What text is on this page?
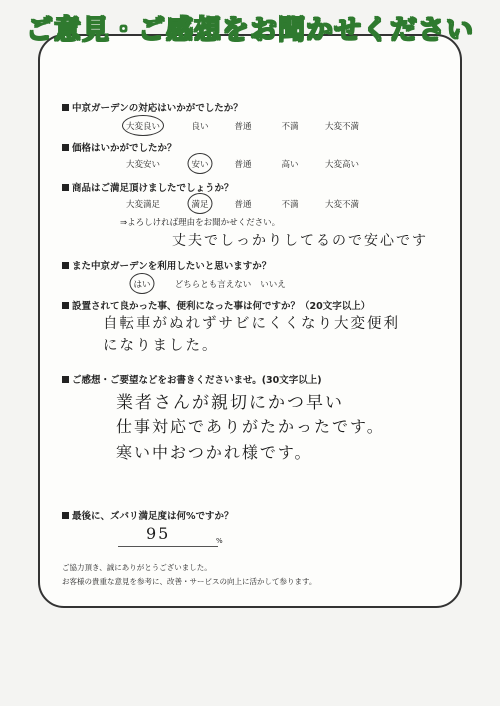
ご意見・ご感想をお聞かせください
中京ガーデンの対応はいかがでしたか？
大変良い	良い	普通	不満	大変不満
価格はいかがでしたか？
大変安い	安い	普通	高い	大変高い
商品はご満足頂けましたでしょうか？
大変満足	満足	普通	不満	大変不満
⇒よろしければ理由をお聞かせください。
丈夫でしっかりしてるので安心です
また中京ガーデンを利用したいと思いますか？
はい	どちらとも言えない いいえ
設置されて良かった事、便利になった事は何ですか？（20文字以上）
自転車がぬれずサビにくくなり大変便利
になりました。
ご感想・ご要望などをお書きくださいませ。(30文字以上)
業者さんが親切にかつ早い
仕事対応でありがたかったです。
寒い中おつかれ様です。
最後に、ズバリ満足度は何%ですか？
95	%
ご協力頂き、誠にありがとうございました。
お客様の貴重な意見を参考に、改善・サービスの向上に活かして参ります。
